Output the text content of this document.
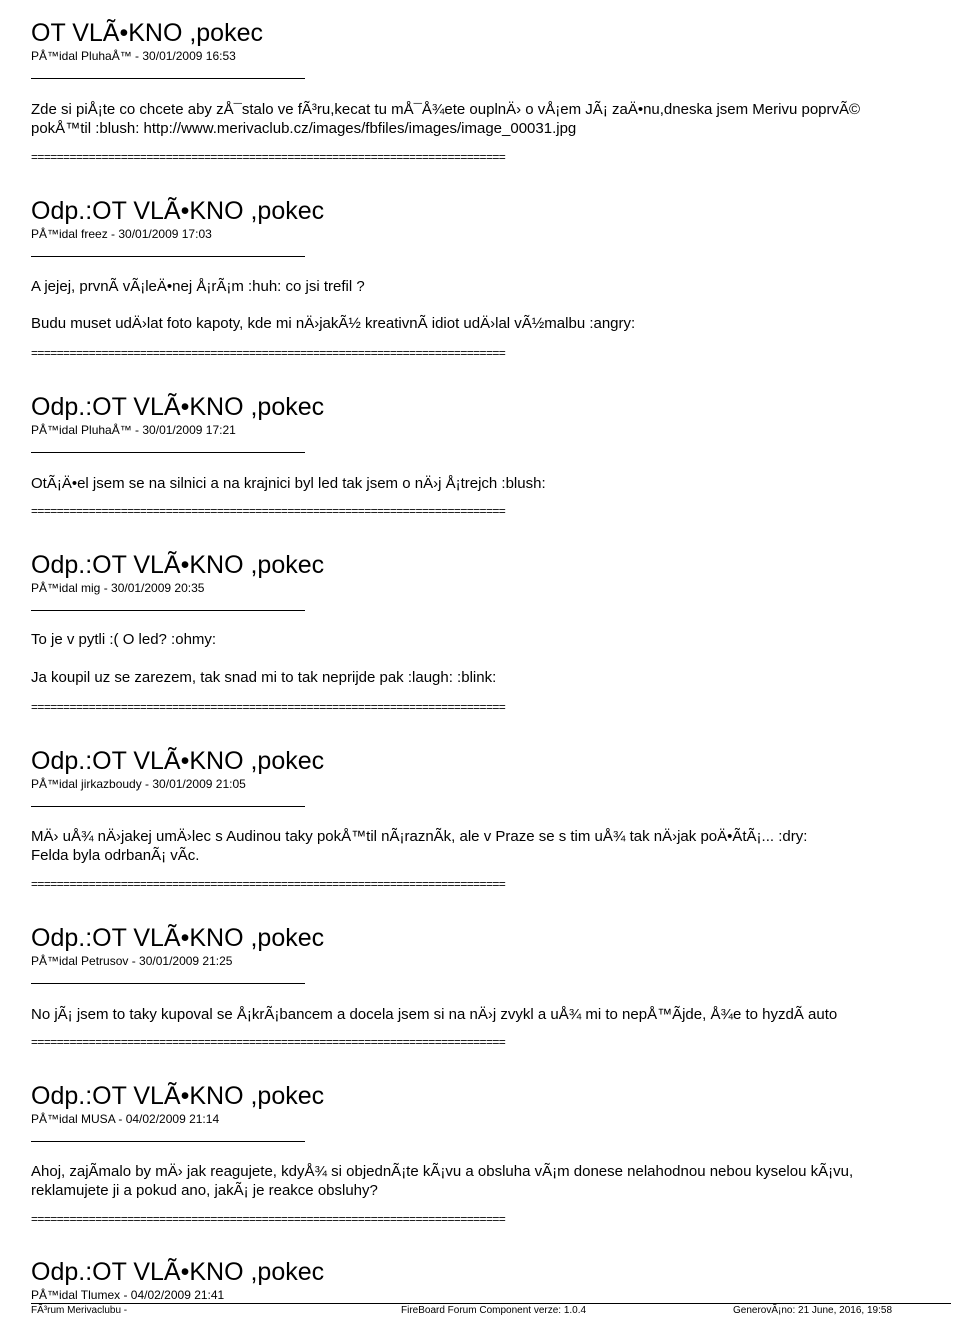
OT VLÃ•KNO ,pokec
PÅ™idal PluhaÅ™ - 30/01/2009 16:53

Zde si piÅ¡te co chcete aby zÅ¯stalo ve fÃ³ru,kecat tu mÅ¯Å¾ete ouplnÄ› o vÅ¡em JÃ¡ zaÄ•nu,dneska jsem Merivu poprvÃ©

pokÅ™til :blush: http://www.merivaclub.cz/images/fbfiles/images/image_00031.jpg

==========================================================================
Odp.:OT VLÃ•KNO ,pokec
PÅ™idal freez - 30/01/2009 17:03

A jejej, prvnÃ vÃ¡leÄ•nej Å¡rÃ¡m :huh: co jsi trefil ?

Budu muset udÄ›lat foto kapoty, kde mi nÄ›jakÃ½ kreativnÃ idiot udÄ›lal vÃ½malbu :angry:

==========================================================================
Odp.:OT VLÃ•KNO ,pokec
PÅ™idal PluhaÅ™ - 30/01/2009 17:21

OtÃ¡Ä•el jsem se na silnici a na krajnici byl led tak jsem o nÄ›j Å¡trejch :blush:

==========================================================================
Odp.:OT VLÃ•KNO ,pokec
PÅ™idal mig - 30/01/2009 20:35

To je v pytli :( O led? :ohmy:

Ja koupil uz se zarezem, tak snad mi to tak neprijde pak :laugh: :blink:

==========================================================================
Odp.:OT VLÃ•KNO ,pokec
PÅ™idal jirkazboudy - 30/01/2009 21:05

MÄ› uÅ¾ nÄ›jakej umÄ›lec s Audinou taky pokÅ™til nÃ¡raznÃk, ale v Praze se s tim uÅ¾ tak nÄ›jak poÄ•ÃtÃ¡... :dry:

Felda byla odrbanÃ¡ vÃc.

==========================================================================
Odp.:OT VLÃ•KNO ,pokec
PÅ™idal Petrusov - 30/01/2009 21:25

No jÃ¡ jsem to taky kupoval se Å¡krÃ¡bancem a docela jsem si na nÄ›j zvykl a uÅ¾ mi to nepÅ™Ãjde, Å¾e to hyzdÃ auto

==========================================================================
Odp.:OT VLÃ•KNO ,pokec
PÅ™idal MUSA - 04/02/2009 21:14

Ahoj, zajÃmalo by mÄ› jak reagujete, kdyÅ¾ si objednÃ¡te kÃ¡vu a obsluha vÃ¡m donese nelahodnou nebou kyselou kÃ¡vu,

reklamujete ji a pokud ano, jakÃ¡ je reakce obsluhy?

==========================================================================
Odp.:OT VLÃ•KNO ,pokec
PÅ™idal Tlumex - 04/02/2009 21:41
FÃ³rum Merivaclubu -	FireBoard Forum Component verze: 1.0.4	GenerovÃ¡no: 21 June, 2016, 19:58
